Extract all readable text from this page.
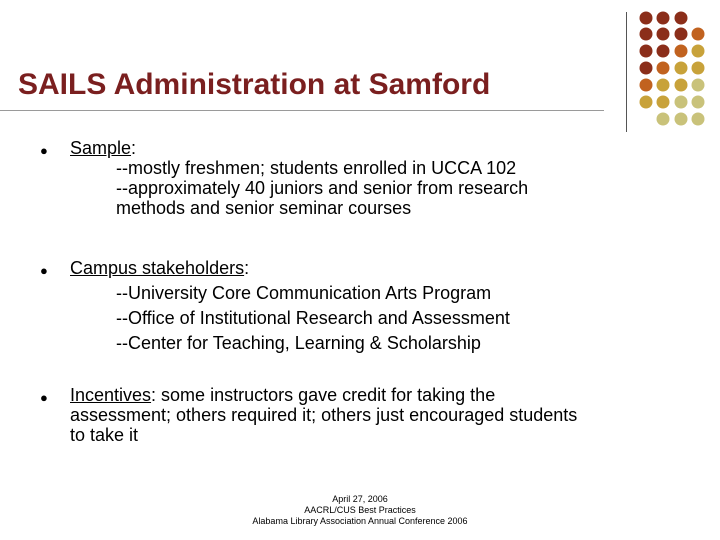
SAILS Administration at Samford
● Sample:
--mostly freshmen; students enrolled in UCCA 102
--approximately 40 juniors and senior from research
methods and senior seminar courses
● Campus stakeholders:
--University Core Communication Arts Program
--Office of Institutional Research and Assessment
--Center for Teaching, Learning & Scholarship
● Incentives: some instructors gave credit for taking the
assessment; others required it; others just encouraged students
to take it
April 27, 2006
AACRL/CUS Best Practices
Alabama Library Association Annual Conference 2006
